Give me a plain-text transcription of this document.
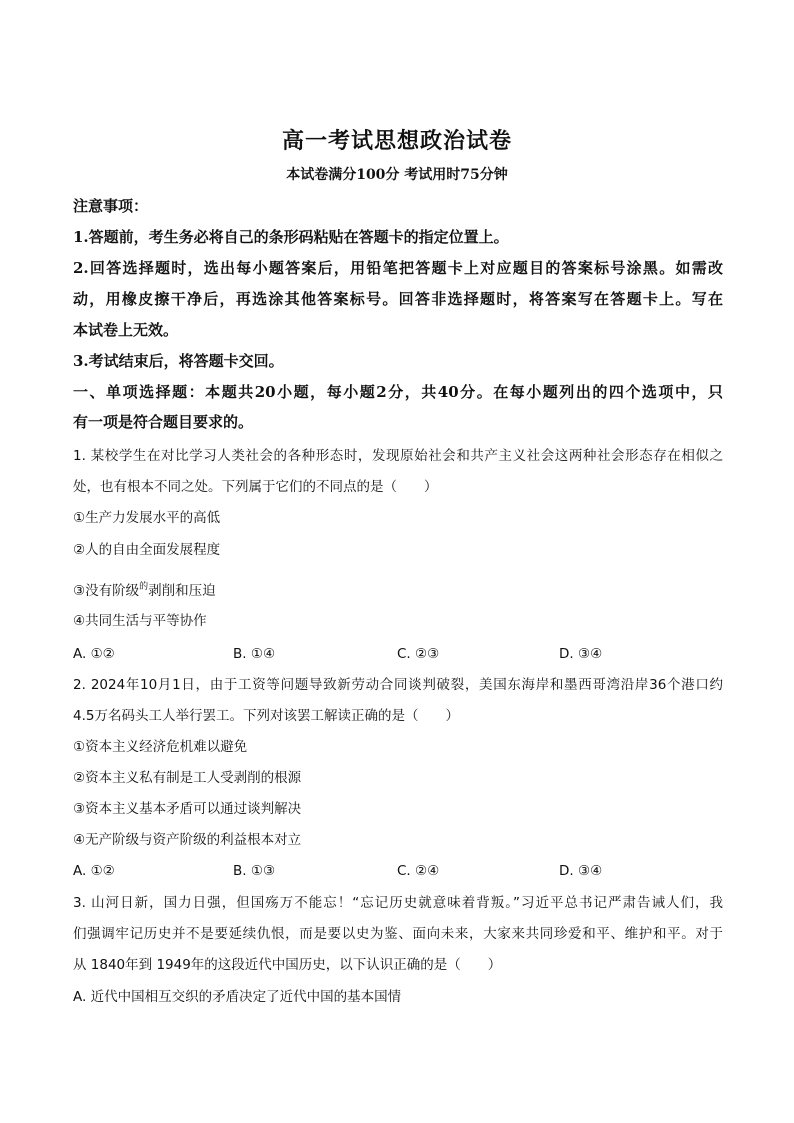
高一考试思想政治试卷
本试卷满分100分 考试用时75分钟
注意事项：
1.答题前，考生务必将自己的条形码粘贴在答题卡的指定位置上。
2.回答选择题时，选出每小题答案后，用铅笔把答题卡上对应题目的答案标号涂黑。如需改
动，用橡皮擦干净后，再选涂其他答案标号。回答非选择题时，将答案写在答题卡上。写在
本试卷上无效。
3.考试结束后，将答题卡交回。
一、单项选择题：本题共20小题，每小题2分，共40分。在每小题列出的四个选项中，只
有一项是符合题目要求的。
1. 某校学生在对比学习人类社会的各种形态时，发现原始社会和共产主义社会这两种社会形态存在相似之
处，也有根本不同之处。下列属于它们的不同点的是（　　）
①生产力发展水平的高低
②人的自由全面发展程度
③没有阶级$^的$剥削和压迫
④共同生活与平等协作
A. ①②	B. ①④	C. ②③	D. ③④
2. 2024年10月1日，由于工资等问题导致新劳动合同谈判破裂，美国东海岸和墨西哥湾沿岸36个港口约
4.5万名码头工人举行罢工。下列对该罢工解读正确的是（　　）
①资本主义经济危机难以避免
②资本主义私有制是工人受剥削的根源
③资本主义基本矛盾可以通过谈判解决
④无产阶级与资产阶级的利益根本对立
A. ①②	B. ①③	C. ②④	D. ③④
3. 山河日新，国力日强，但国殇万不能忘！“忘记历史就意味着背叛。”习近平总书记严肃告诫人们，我
们强调牢记历史并不是要延续仇恨，而是要以史为鉴、面向未来，大家来共同珍爱和平、维护和平。对于
从 1840年到 1949年的这段近代中国历史，以下认识正确的是（　　）
A. 近代中国相互交织的矛盾决定了近代中国的基本国情
